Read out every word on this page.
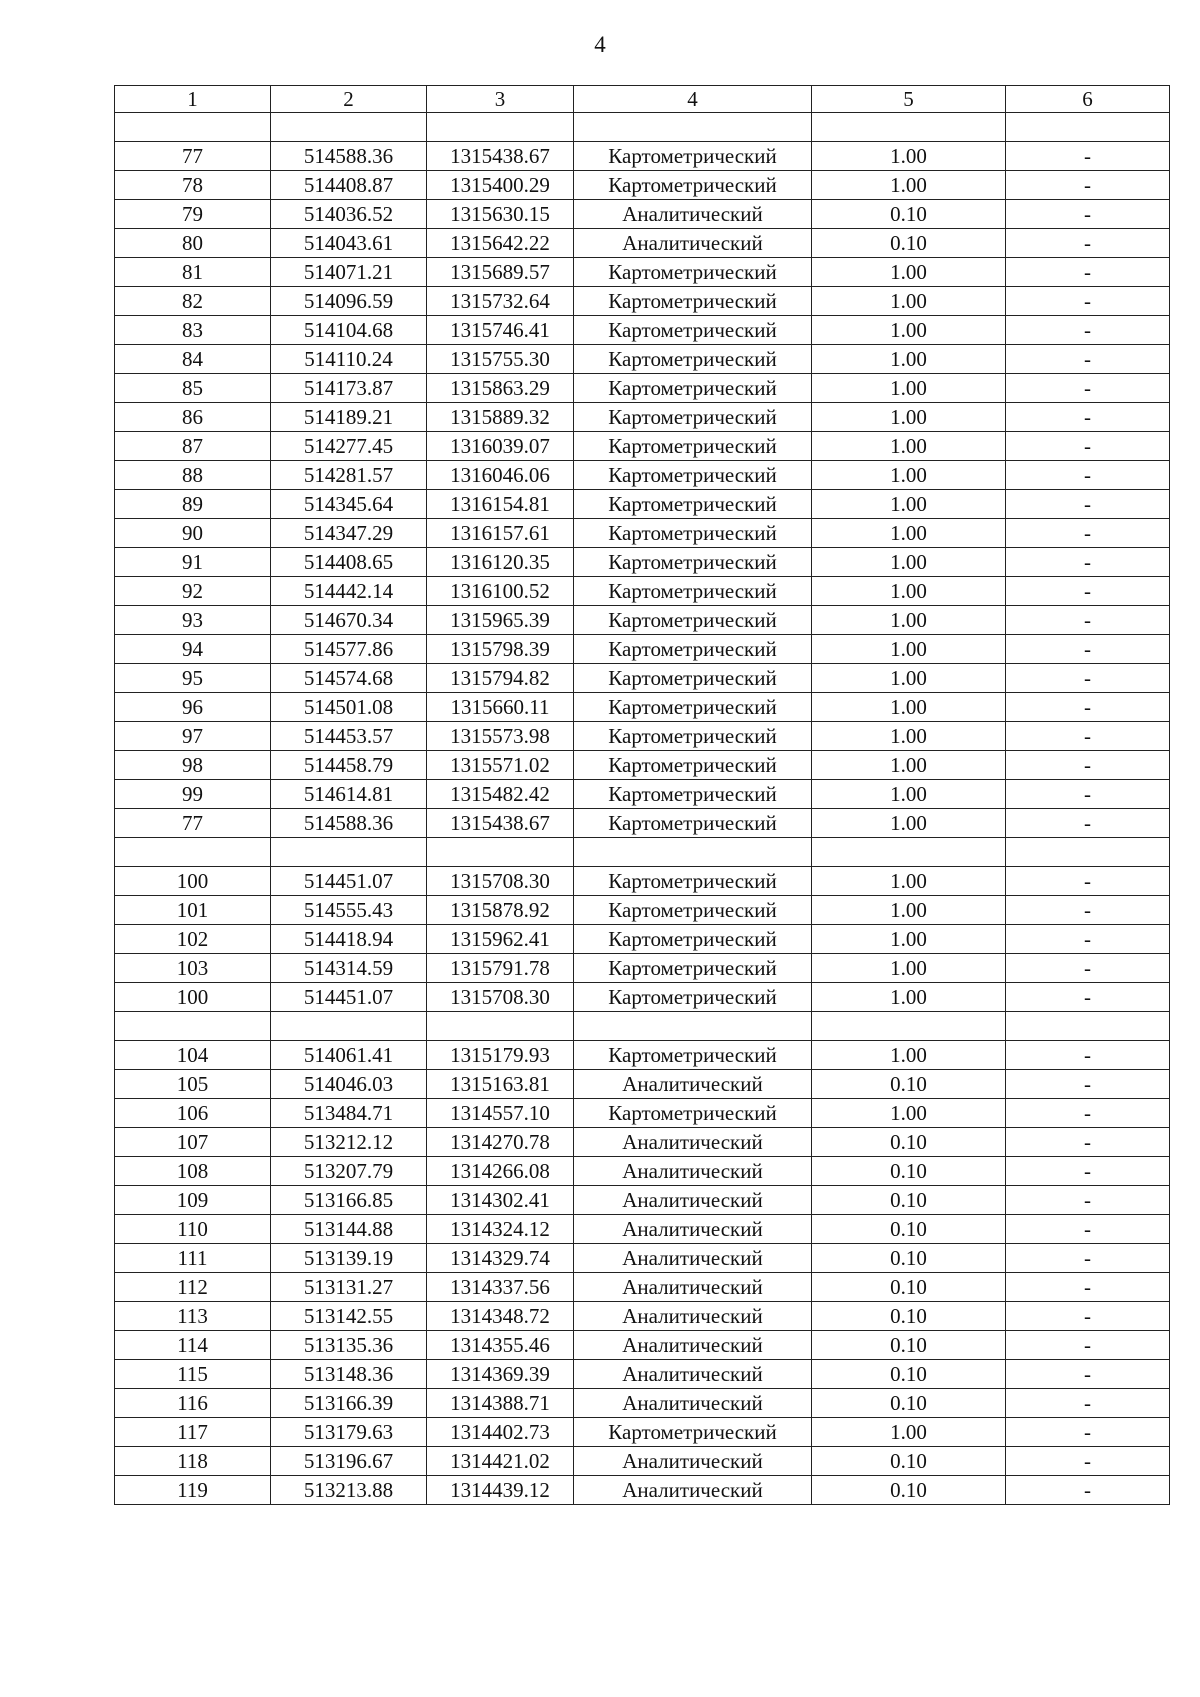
4
1	2	3	4	5	6

77	514588.36	1315438.67	Картометрический	1.00	-
78	514408.87	1315400.29	Картометрический	1.00	-
79	514036.52	1315630.15	Аналитический	0.10	-
80	514043.61	1315642.22	Аналитический	0.10	-
81	514071.21	1315689.57	Картометрический	1.00	-
82	514096.59	1315732.64	Картометрический	1.00	-
83	514104.68	1315746.41	Картометрический	1.00	-
84	514110.24	1315755.30	Картометрический	1.00	-
85	514173.87	1315863.29	Картометрический	1.00	-
86	514189.21	1315889.32	Картометрический	1.00	-
87	514277.45	1316039.07	Картометрический	1.00	-
88	514281.57	1316046.06	Картометрический	1.00	-
89	514345.64	1316154.81	Картометрический	1.00	-
90	514347.29	1316157.61	Картометрический	1.00	-
91	514408.65	1316120.35	Картометрический	1.00	-
92	514442.14	1316100.52	Картометрический	1.00	-
93	514670.34	1315965.39	Картометрический	1.00	-
94	514577.86	1315798.39	Картометрический	1.00	-
95	514574.68	1315794.82	Картометрический	1.00	-
96	514501.08	1315660.11	Картометрический	1.00	-
97	514453.57	1315573.98	Картометрический	1.00	-
98	514458.79	1315571.02	Картометрический	1.00	-
99	514614.81	1315482.42	Картометрический	1.00	-
77	514588.36	1315438.67	Картометрический	1.00	-

100	514451.07	1315708.30	Картометрический	1.00	-
101	514555.43	1315878.92	Картометрический	1.00	-
102	514418.94	1315962.41	Картометрический	1.00	-
103	514314.59	1315791.78	Картометрический	1.00	-
100	514451.07	1315708.30	Картометрический	1.00	-

104	514061.41	1315179.93	Картометрический	1.00	-
105	514046.03	1315163.81	Аналитический	0.10	-
106	513484.71	1314557.10	Картометрический	1.00	-
107	513212.12	1314270.78	Аналитический	0.10	-
108	513207.79	1314266.08	Аналитический	0.10	-
109	513166.85	1314302.41	Аналитический	0.10	-
110	513144.88	1314324.12	Аналитический	0.10	-
111	513139.19	1314329.74	Аналитический	0.10	-
112	513131.27	1314337.56	Аналитический	0.10	-
113	513142.55	1314348.72	Аналитический	0.10	-
114	513135.36	1314355.46	Аналитический	0.10	-
115	513148.36	1314369.39	Аналитический	0.10	-
116	513166.39	1314388.71	Аналитический	0.10	-
117	513179.63	1314402.73	Картометрический	1.00	-
118	513196.67	1314421.02	Аналитический	0.10	-
119	513213.88	1314439.12	Аналитический	0.10	-
